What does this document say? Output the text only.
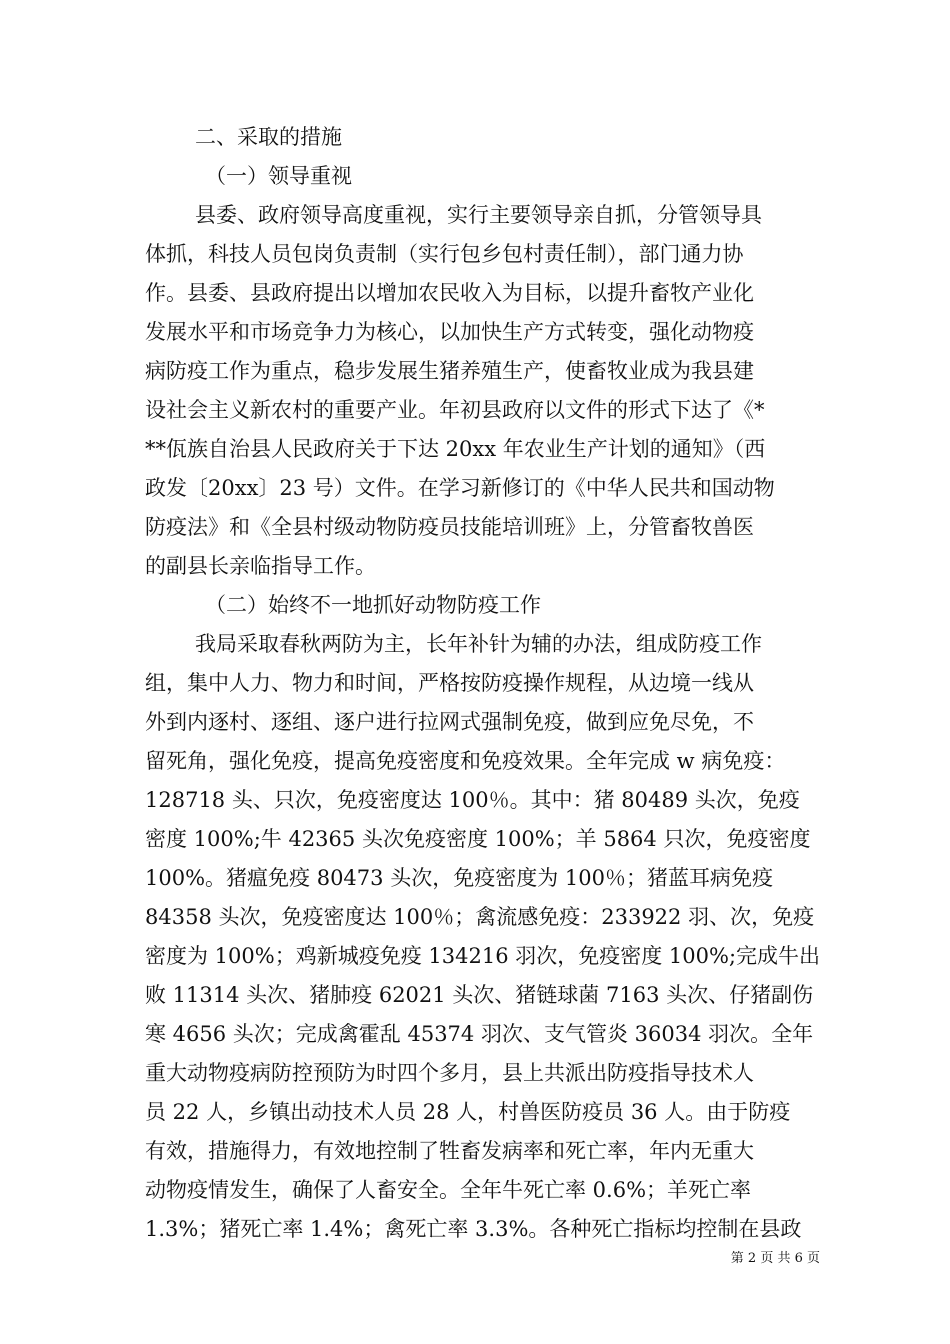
二、采取的措施
（一）领导重视
县委、政府领导高度重视，实行主要领导亲自抓，分管领导具
体抓，科技人员包岗负责制（实行包乡包村责任制），部门通力协
作。县委、县政府提出以增加农民收入为目标，以提升畜牧产业化
发展水平和市场竞争力为核心，以加快生产方式转变，强化动物疫
病防疫工作为重点，稳步发展生猪养殖生产，使畜牧业成为我县建
设社会主义新农村的重要产业。年初县政府以文件的形式下达了《*
**佤族自治县人民政府关于下达 20xx 年农业生产计划的通知》（西
政发〔20xx〕23 号）文件。在学习新修订的《中华人民共和国动物
防疫法》和《全县村级动物防疫员技能培训班》上，分管畜牧兽医
的副县长亲临指导工作。
（二）始终不一地抓好动物防疫工作
我局采取春秋两防为主，长年补针为辅的办法，组成防疫工作
组，集中人力、物力和时间，严格按防疫操作规程，从边境一线从
外到内逐村、逐组、逐户进行拉网式强制免疫，做到应免尽免，不
留死角，强化免疫，提高免疫密度和免疫效果。全年完成 w 病免疫：
128718 头、只次，免疫密度达 100％。其中：猪 80489 头次，免疫
密度 100%;牛 42365 头次免疫密度 100%；羊 5864 只次，免疫密度
100%。猪瘟免疫 80473 头次，免疫密度为 100％；猪蓝耳病免疫
84358 头次，免疫密度达 100％；禽流感免疫：233922 羽、次，免疫
密度为 100%；鸡新城疫免疫 134216 羽次，免疫密度 100%;完成牛出
败 11314 头次、猪肺疫 62021 头次、猪链球菌 7163 头次、仔猪副伤
寒 4656 头次；完成禽霍乱 45374 羽次、支气管炎 36034 羽次。全年
重大动物疫病防控预防为时四个多月，县上共派出防疫指导技术人
员 22 人，乡镇出动技术人员 28 人，村兽医防疫员 36 人。由于防疫
有效，措施得力，有效地控制了牲畜发病率和死亡率，年内无重大
动物疫情发生，确保了人畜安全。全年牛死亡率 0.6%；羊死亡率
1.3%；猪死亡率 1.4%；禽死亡率 3.3%。各种死亡指标均控制在县政
第 2 页 共 6 页
